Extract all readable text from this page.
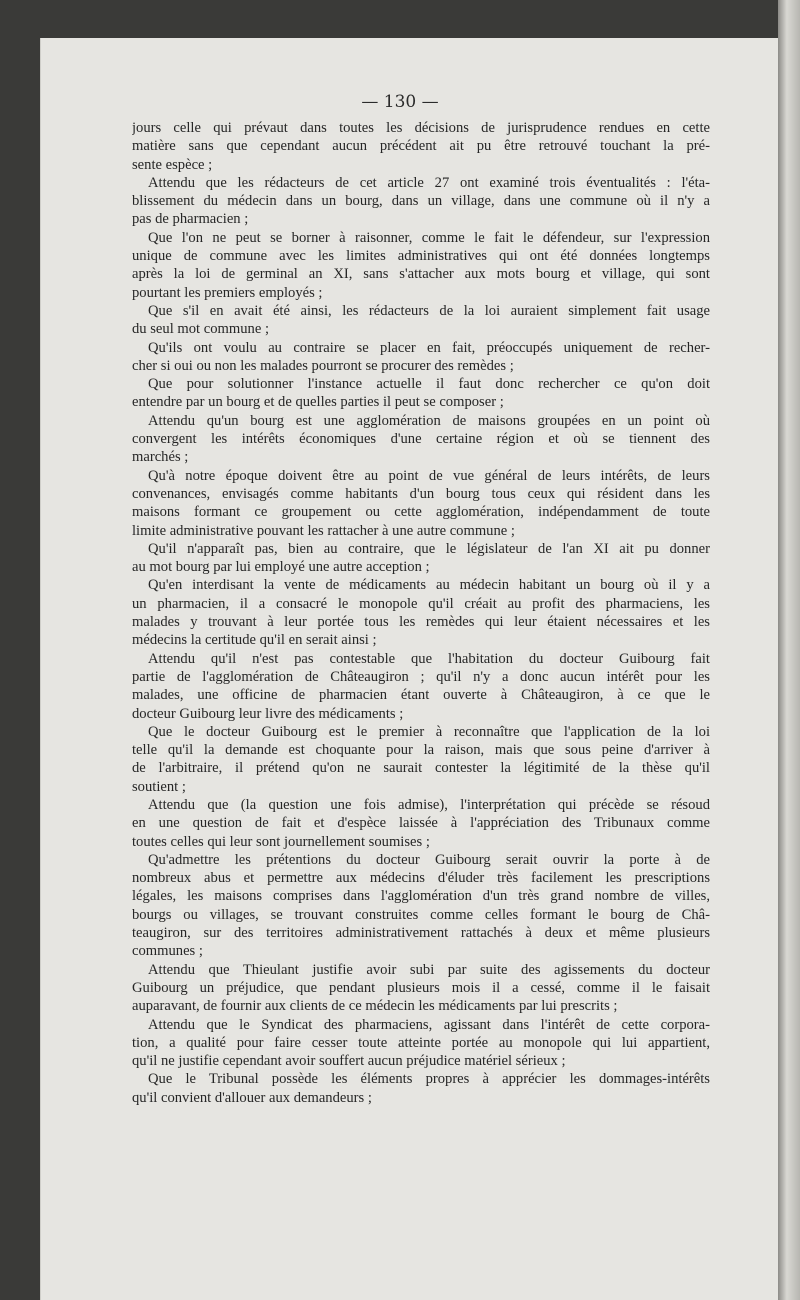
— 130 —
jours celle qui prévaut dans toutes les décisions de jurisprudence rendues en cette
matière sans que cependant aucun précédent ait pu être retrouvé touchant la pré-
sente espèce ;
Attendu que les rédacteurs de cet article 27 ont examiné trois éventualités : l'éta-
blissement du médecin dans un bourg, dans un village, dans une commune où il n'y a
pas de pharmacien ;
Que l'on ne peut se borner à raisonner, comme le fait le défendeur, sur l'expression
unique de commune avec les limites administratives qui ont été données longtemps
après la loi de germinal an XI, sans s'attacher aux mots bourg et village, qui sont
pourtant les premiers employés ;
Que s'il en avait été ainsi, les rédacteurs de la loi auraient simplement fait usage
du seul mot commune ;
Qu'ils ont voulu au contraire se placer en fait, préoccupés uniquement de recher-
cher si oui ou non les malades pourront se procurer des remèdes ;
Que pour solutionner l'instance actuelle il faut donc rechercher ce qu'on doit
entendre par un bourg et de quelles parties il peut se composer ;
Attendu qu'un bourg est une agglomération de maisons groupées en un point où
convergent les intérêts économiques d'une certaine région et où se tiennent des
marchés ;
Qu'à notre époque doivent être au point de vue général de leurs intérêts, de leurs
convenances, envisagés comme habitants d'un bourg tous ceux qui résident dans les
maisons formant ce groupement ou cette agglomération, indépendamment de toute
limite administrative pouvant les rattacher à une autre commune ;
Qu'il n'apparaît pas, bien au contraire, que le législateur de l'an XI ait pu donner
au mot bourg par lui employé une autre acception ;
Qu'en interdisant la vente de médicaments au médecin habitant un bourg où il y a
un pharmacien, il a consacré le monopole qu'il créait au profit des pharmaciens, les
malades y trouvant à leur portée tous les remèdes qui leur étaient nécessaires et les
médecins la certitude qu'il en serait ainsi ;
Attendu qu'il n'est pas contestable que l'habitation du docteur Guibourg fait
partie de l'agglomération de Châteaugiron ; qu'il n'y a donc aucun intérêt pour les
malades, une officine de pharmacien étant ouverte à Châteaugiron, à ce que le
docteur Guibourg leur livre des médicaments ;
Que le docteur Guibourg est le premier à reconnaître que l'application de la loi
telle qu'il la demande est choquante pour la raison, mais que sous peine d'arriver à
de l'arbitraire, il prétend qu'on ne saurait contester la légitimité de la thèse qu'il
soutient ;
Attendu que (la question une fois admise), l'interprétation qui précède se résoud
en une question de fait et d'espèce laissée à l'appréciation des Tribunaux comme
toutes celles qui leur sont journellement soumises ;
Qu'admettre les prétentions du docteur Guibourg serait ouvrir la porte à de
nombreux abus et permettre aux médecins d'éluder très facilement les prescriptions
légales, les maisons comprises dans l'agglomération d'un très grand nombre de villes,
bourgs ou villages, se trouvant construites comme celles formant le bourg de Châ-
teaugiron, sur des territoires administrativement rattachés à deux et même plusieurs
communes ;
Attendu que Thieulant justifie avoir subi par suite des agissements du docteur
Guibourg un préjudice, que pendant plusieurs mois il a cessé, comme il le faisait
auparavant, de fournir aux clients de ce médecin les médicaments par lui prescrits ;
Attendu que le Syndicat des pharmaciens, agissant dans l'intérêt de cette corpora-
tion, a qualité pour faire cesser toute atteinte portée au monopole qui lui appartient,
qu'il ne justifie cependant avoir souffert aucun préjudice matériel sérieux ;
Que le Tribunal possède les éléments propres à apprécier les dommages-intérêts
qu'il convient d'allouer aux demandeurs ;
